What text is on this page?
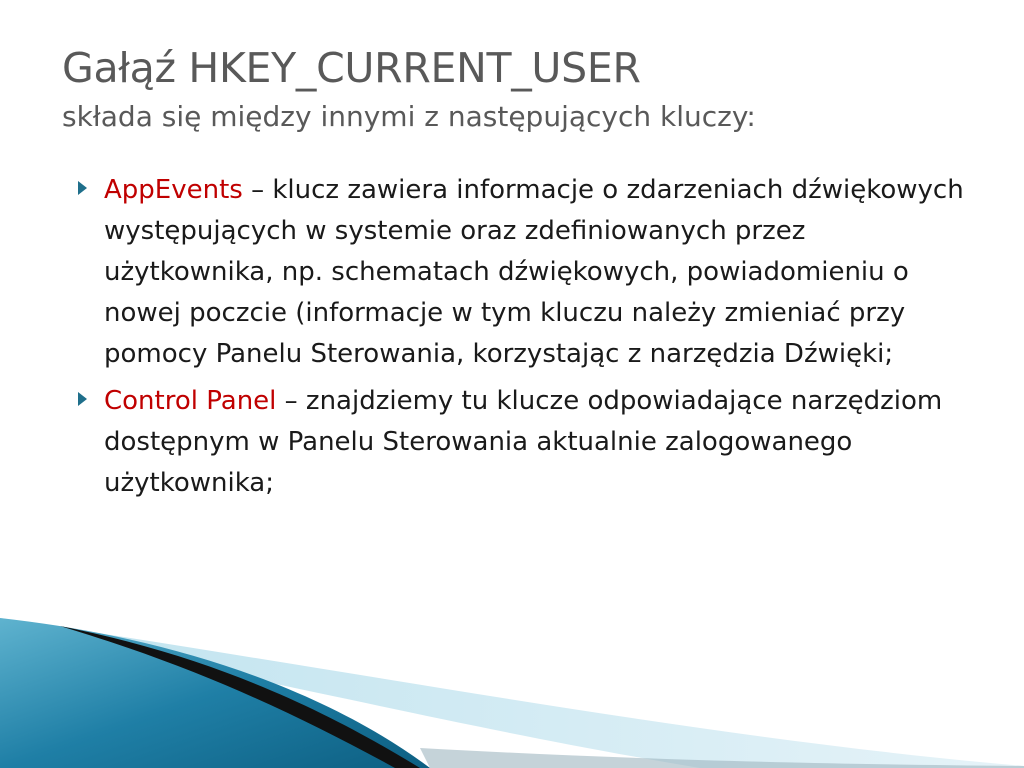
Gałąź HKEY_CURRENT_USER
składa się między innymi z następujących kluczy:
AppEvents – klucz zawiera informacje o zdarzeniach dźwiękowych występujących w systemie oraz zdefiniowanych przez użytkownika, np. schematach dźwiękowych, powiadomieniu o nowej poczcie (informacje w tym kluczu należy zmieniać przy pomocy Panelu Sterowania, korzystając z narzędzia Dźwięki;
Control Panel – znajdziemy tu klucze odpowiadające narzędziom dostępnym w Panelu Sterowania aktualnie zalogowanego użytkownika;
